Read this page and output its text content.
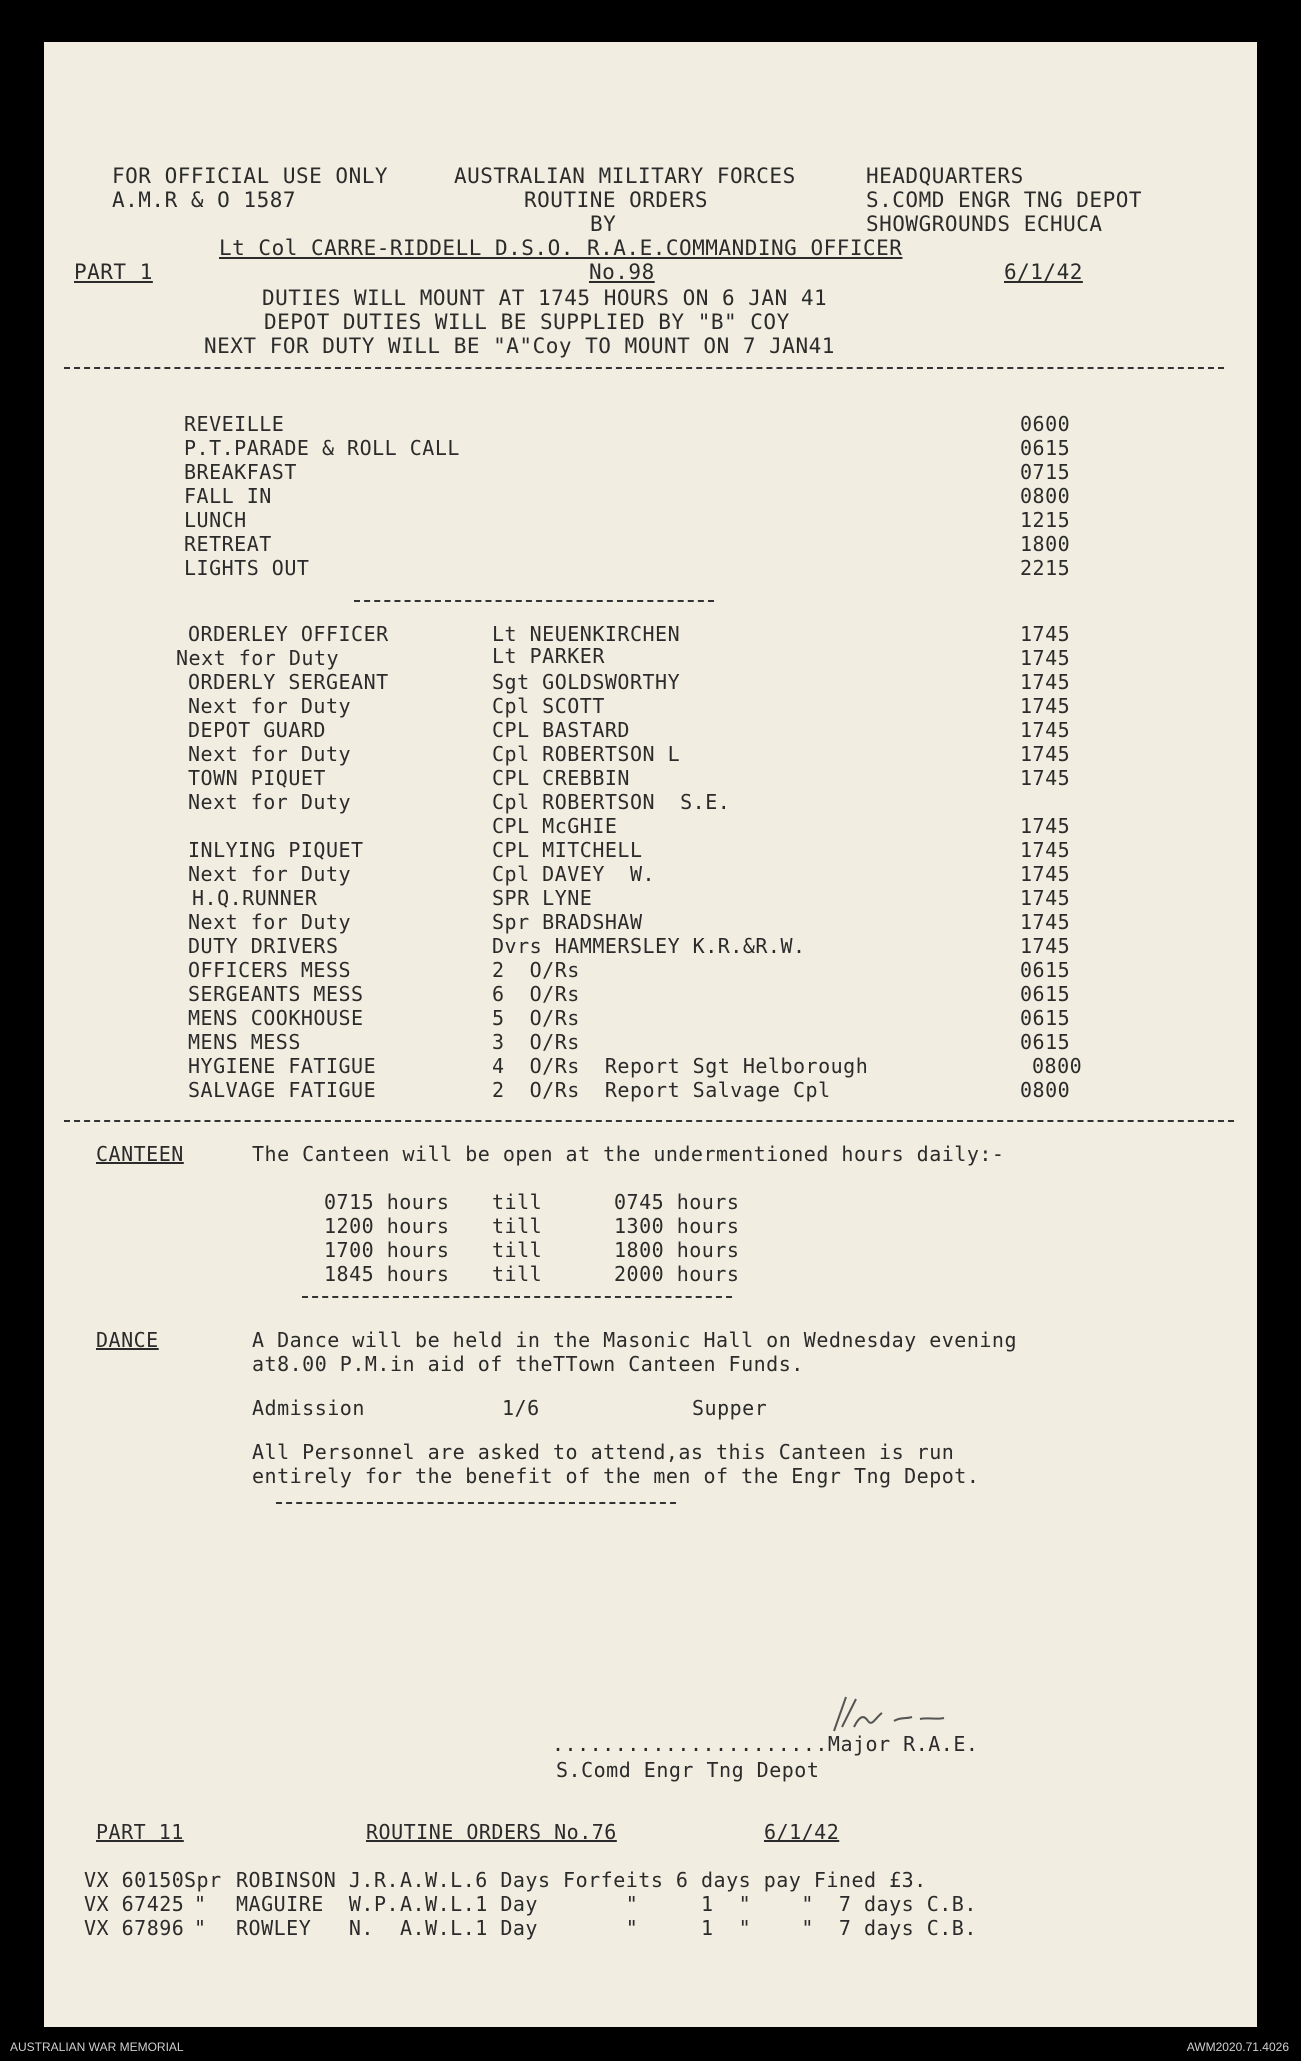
FOR OFFICIAL USE ONLY
A.M.R & O 1587
AUSTRALIAN MILITARY FORCES
ROUTINE ORDERS
BY
HEADQUARTERS
S.COMD ENGR TNG DEPOT
SHOWGROUNDS ECHUCA
Lt Col CARRE-RIDDELL D.S.O. R.A.E.COMMANDING OFFICER
PART 1	No.98	6/1/42
DUTIES WILL MOUNT AT 1745 HOURS ON 6 JAN 41
DEPOT DUTIES WILL BE SUPPLIED BY "B" COY
NEXT FOR DUTY WILL BE "A"Coy TO MOUNT ON 7 JAN41
REVEILLE	0600
P.T.PARADE & ROLL CALL	0615
BREAKFAST	0715
FALL IN	0800
LUNCH	1215
RETREAT	1800
LIGHTS OUT	2215
ORDERLEY OFFICER	Lt NEUENKIRCHEN	1745
Next for Duty	Lt PARKER	1745
ORDERLY SERGEANT	Sgt GOLDSWORTHY	1745
Next for Duty	Cpl SCOTT	1745
DEPOT GUARD	CPL BASTARD	1745
Next for Duty	Cpl ROBERTSON L	1745
TOWN PIQUET	CPL CREBBIN	1745
Next for Duty	Cpl ROBERTSON  S.E.
CPL McGHIE	1745
INLYING PIQUET	CPL MITCHELL	1745
Next for Duty	Cpl DAVEY  W.	1745
H.Q.RUNNER	SPR LYNE	1745
Next for Duty	Spr BRADSHAW	1745
DUTY DRIVERS	Dvrs HAMMERSLEY K.R.&R.W.	1745
OFFICERS MESS	2  O/Rs	0615
SERGEANTS MESS	6  O/Rs	0615
MENS COOKHOUSE	5  O/Rs	0615
MENS MESS	3  O/Rs	0615
HYGIENE FATIGUE	4  O/Rs  Report Sgt Helborough	0800
SALVAGE FATIGUE	2  O/Rs  Report Salvage Cpl	0800
CANTEEN	The Canteen will be open at the undermentioned hours daily:-
0715 hours till	0745 hours
1200 hours till	1300 hours
1700 hours till	1800 hours
1845 hours till	2000 hours
DANCE	A Dance will be held in the Masonic Hall on Wednesday evening
at8.00 P.M.in aid of theTTown Canteen Funds.
Admission	1/6	Supper
All Personnel are asked to attend,as this Canteen is run
entirely for the benefit of the men of the Engr Tng Depot.
......................Major R.A.E.
S.Comd Engr Tng Depot
PART 11	ROUTINE ORDERS No.76	6/1/42
VX 60150 Spr ROBINSON J.R. A.W.L.6 Days Forfeits 6 days pay Fined £3.
VX 67425 " MAGUIRE  W.P. A.W.L.1 Day       "     1  "    "  7 days C.B.
VX 67896 " ROWLEY   N. A.W.L.1 Day       "     1  "    "  7 days C.B.
AUSTRALIAN WAR MEMORIAL	AWM2020.71.4026
